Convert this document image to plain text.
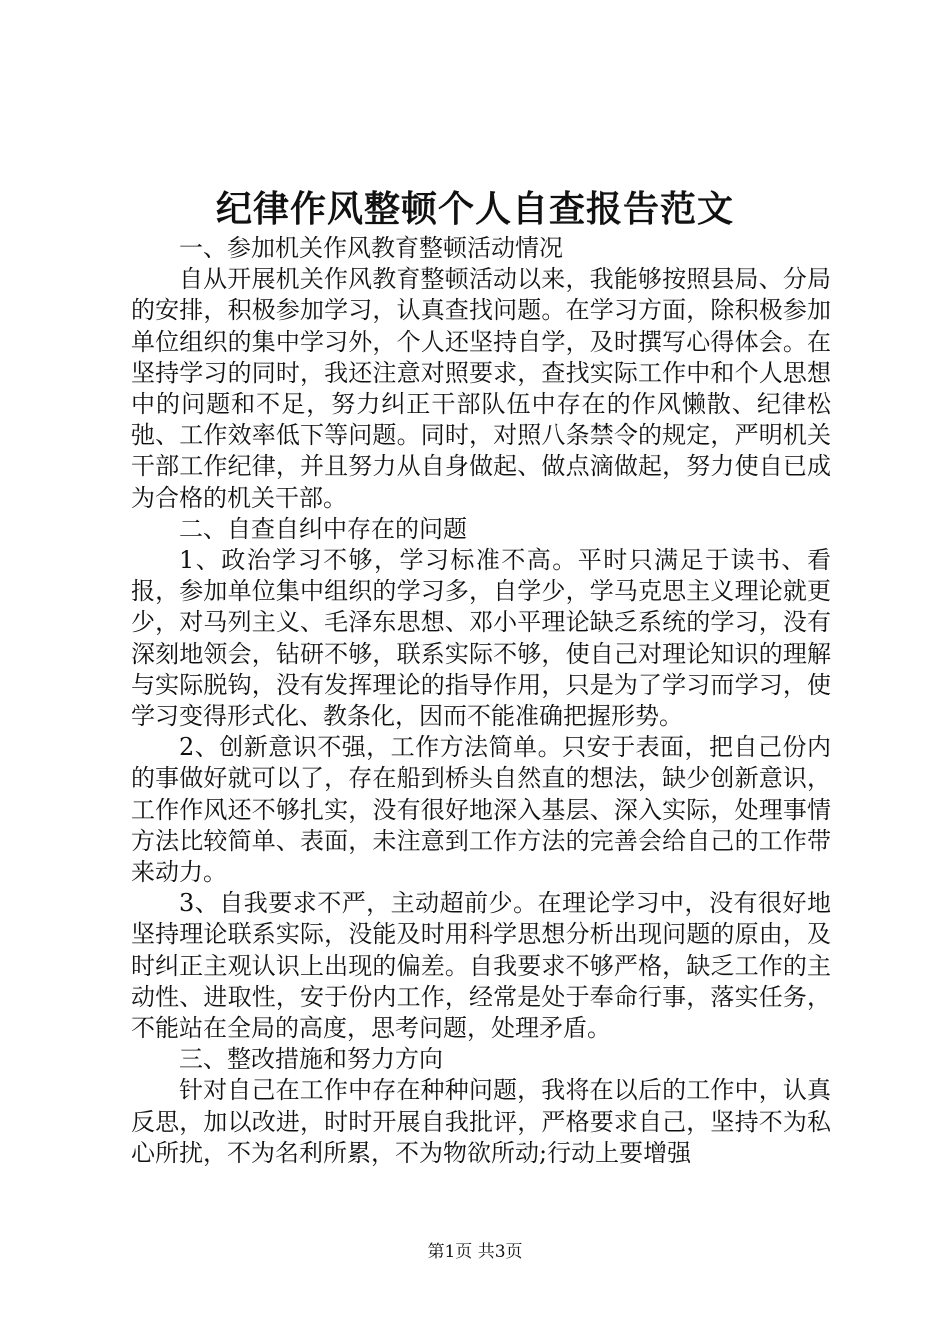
纪律作风整顿个人自查报告范文

一、参加机关作风教育整顿活动情况

自从开展机关作风教育整顿活动以来，我能够按照县局、分局的安排，积极参加学习，认真查找问题。在学习方面，除积极参加单位组织的集中学习外，个人还坚持自学，及时撰写心得体会。在坚持学习的同时，我还注意对照要求，查找实际工作中和个人思想中的问题和不足，努力纠正干部队伍中存在的作风懒散、纪律松弛、工作效率低下等问题。同时，对照八条禁令的规定，严明机关干部工作纪律，并且努力从自身做起、做点滴做起，努力使自已成为合格的机关干部。

二、自查自纠中存在的问题

1、政治学习不够，学习标准不高。平时只满足于读书、看报，参加单位集中组织的学习多，自学少，学马克思主义理论就更少，对马列主义、毛泽东思想、邓小平理论缺乏系统的学习，没有深刻地领会，钻研不够，联系实际不够，使自己对理论知识的理解与实际脱钩，没有发挥理论的指导作用，只是为了学习而学习，使学习变得形式化、教条化，因而不能准确把握形势。

2、创新意识不强，工作方法简单。只安于表面，把自己份内的事做好就可以了，存在船到桥头自然直的想法，缺少创新意识，工作作风还不够扎实，没有很好地深入基层、深入实际，处理事情方法比较简单、表面，未注意到工作方法的完善会给自己的工作带来动力。

3、自我要求不严，主动超前少。在理论学习中，没有很好地坚持理论联系实际，没能及时用科学思想分析出现问题的原由，及时纠正主观认识上出现的偏差。自我要求不够严格，缺乏工作的主动性、进取性，安于份内工作，经常是处于奉命行事，落实任务，不能站在全局的高度，思考问题，处理矛盾。

三、整改措施和努力方向

针对自己在工作中存在种种问题，我将在以后的工作中，认真反思，加以改进，时时开展自我批评，严格要求自己，坚持不为私心所扰，不为名利所累，不为物欲所动;行动上要增强

第1页 共3页
